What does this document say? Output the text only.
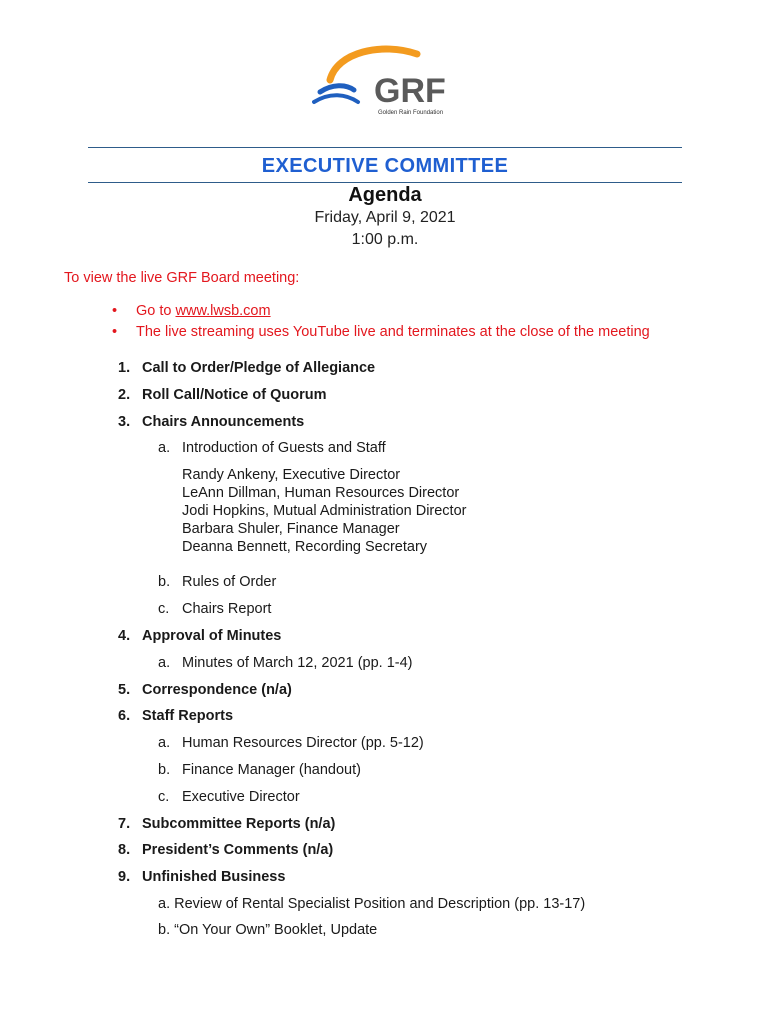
GRF
Golden Rain Foundation
EXECUTIVE COMMITTEE
Agenda
Friday, April 9, 2021
1:00 p.m.
To view the live GRF Board meeting:
• Go to www.lwsb.com
• The live streaming uses YouTube live and terminates at the close of the meeting
1. Call to Order/Pledge of Allegiance
2. Roll Call/Notice of Quorum
3. Chairs Announcements
a. Introduction of Guests and Staff
Randy Ankeny, Executive Director
LeAnn Dillman, Human Resources Director
Jodi Hopkins, Mutual Administration Director
Barbara Shuler, Finance Manager
Deanna Bennett, Recording Secretary
b. Rules of Order
c. Chairs Report
4. Approval of Minutes
a. Minutes of March 12, 2021 (pp. 1-4)
5. Correspondence (n/a)
6. Staff Reports
a. Human Resources Director (pp. 5-12)
b. Finance Manager (handout)
c. Executive Director
7. Subcommittee Reports (n/a)
8. President’s Comments (n/a)
9. Unfinished Business
a. Review of Rental Specialist Position and Description (pp. 13-17)
b. “On Your Own” Booklet, Update
